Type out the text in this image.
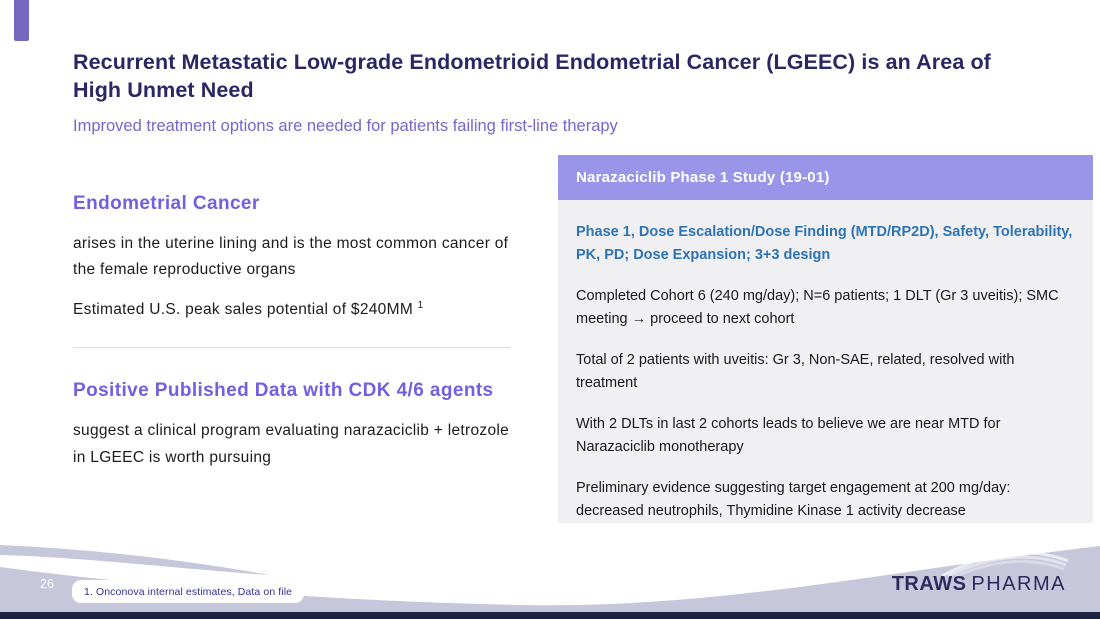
Recurrent Metastatic Low-grade Endometrioid Endometrial Cancer (LGEEC) is an Area of High Unmet Need
Improved treatment options are needed for patients failing first-line therapy
Endometrial Cancer

arises in the uterine lining and is the most common cancer of the female reproductive organs

Estimated U.S. peak sales potential of $240MM $^1$

Positive Published Data with CDK 4/6 agents

suggest a clinical program evaluating narazaciclib + letrozole in LGEEC is worth pursuing

Narazaciclib Phase 1 Study (19-01)

Phase 1, Dose Escalation/Dose Finding (MTD/RP2D), Safety, Tolerability, PK, PD; Dose Expansion; 3+3 design

Completed Cohort 6 (240 mg/day); N=6 patients; 1 DLT (Gr 3 uveitis); SMC meeting → proceed to next cohort

Total of 2 patients with uveitis: Gr 3, Non-SAE, related, resolved with treatment

With 2 DLTs in last 2 cohorts leads to believe we are near MTD for Narazaciclib monotherapy

Preliminary evidence suggesting target engagement at 200 mg/day: decreased neutrophils, Thymidine Kinase 1 activity decrease

26
1. Onconova internal estimates, Data on file	TRAWS PHARMA
